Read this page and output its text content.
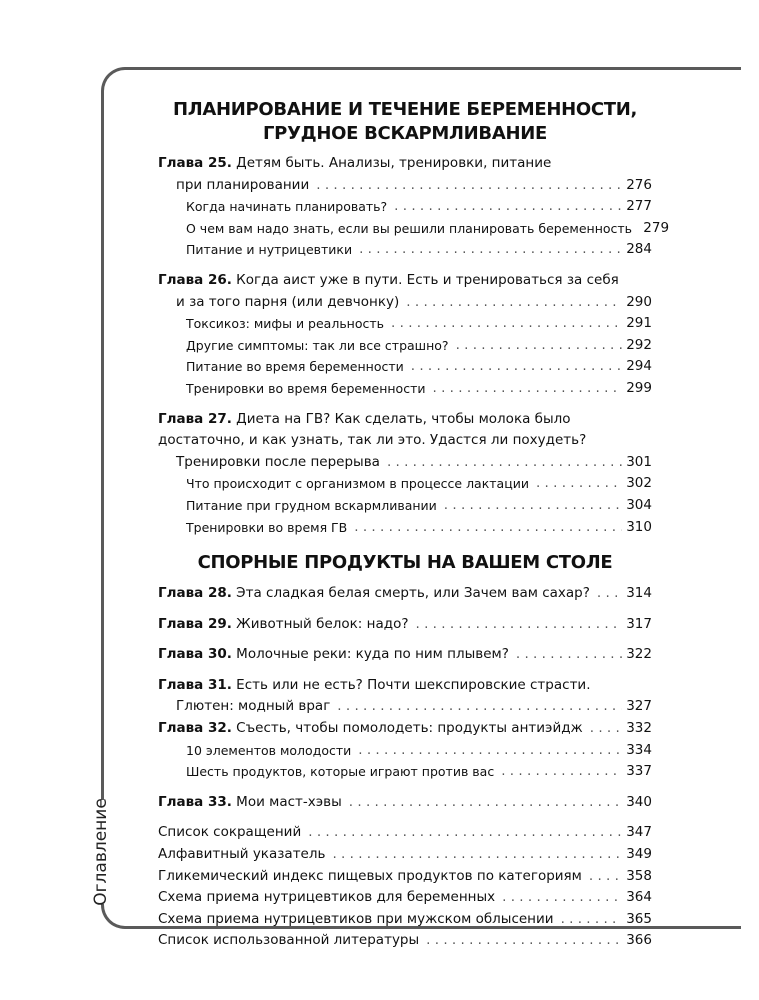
Оглавление
ПЛАНИРОВАНИЕ И ТЕЧЕНИЕ БЕРЕМЕННОСТИ,
ГРУДНОЕ ВСКАРМЛИВАНИЕ
Глава 25. Детям быть. Анализы, тренировки, питание
при планировании . . .	276
Когда начинать планировать? . . .	277
О чем вам надо знать, если вы решили планировать беременность 279
Питание и нутрицевтики . . .	284
Глава 26. Когда аист уже в пути. Есть и тренироваться за себя
и за того парня (или девчонку) . . .	290
Токсикоз: мифы и реальность . . .	291
Другие симптомы: так ли все страшно? . . .	292
Питание во время беременности . . .	294
Тренировки во время беременности . . .	299
Глава 27. Диета на ГВ? Как сделать, чтобы молока было
достаточно, и как узнать, так ли это. Удастся ли похудеть?
Тренировки после перерыва . . .	301
Что происходит с организмом в процессе лактации . . .	302
Питание при грудном вскармливании . . .	304
Тренировки во время ГВ . . .	310
СПОРНЫЕ ПРОДУКТЫ НА ВАШЕМ СТОЛЕ
Глава 28. Эта сладкая белая смерть, или Зачем вам сахар? . . .	314
Глава 29. Животный белок: надо? . . .	317
Глава 30. Молочные реки: куда по ним плывем? . . .	322
Глава 31. Есть или не есть? Почти шекспировские страсти.
Глютен: модный враг . . .	327
Глава 32. Съесть, чтобы помолодеть: продукты антиэйдж . . .	332
10 элементов молодости . . .	334
Шесть продуктов, которые играют против вас . . .	337
Глава 33. Мои маст-хэвы . . .	340
Список сокращений . . .	347
Алфавитный указатель . . .	349
Гликемический индекс пищевых продуктов по категориям . . .	358
Схема приема нутрицевтиков для беременных . . .	364
Схема приема нутрицевтиков при мужском облысении . . .	365
Список использованной литературы . . .	366
